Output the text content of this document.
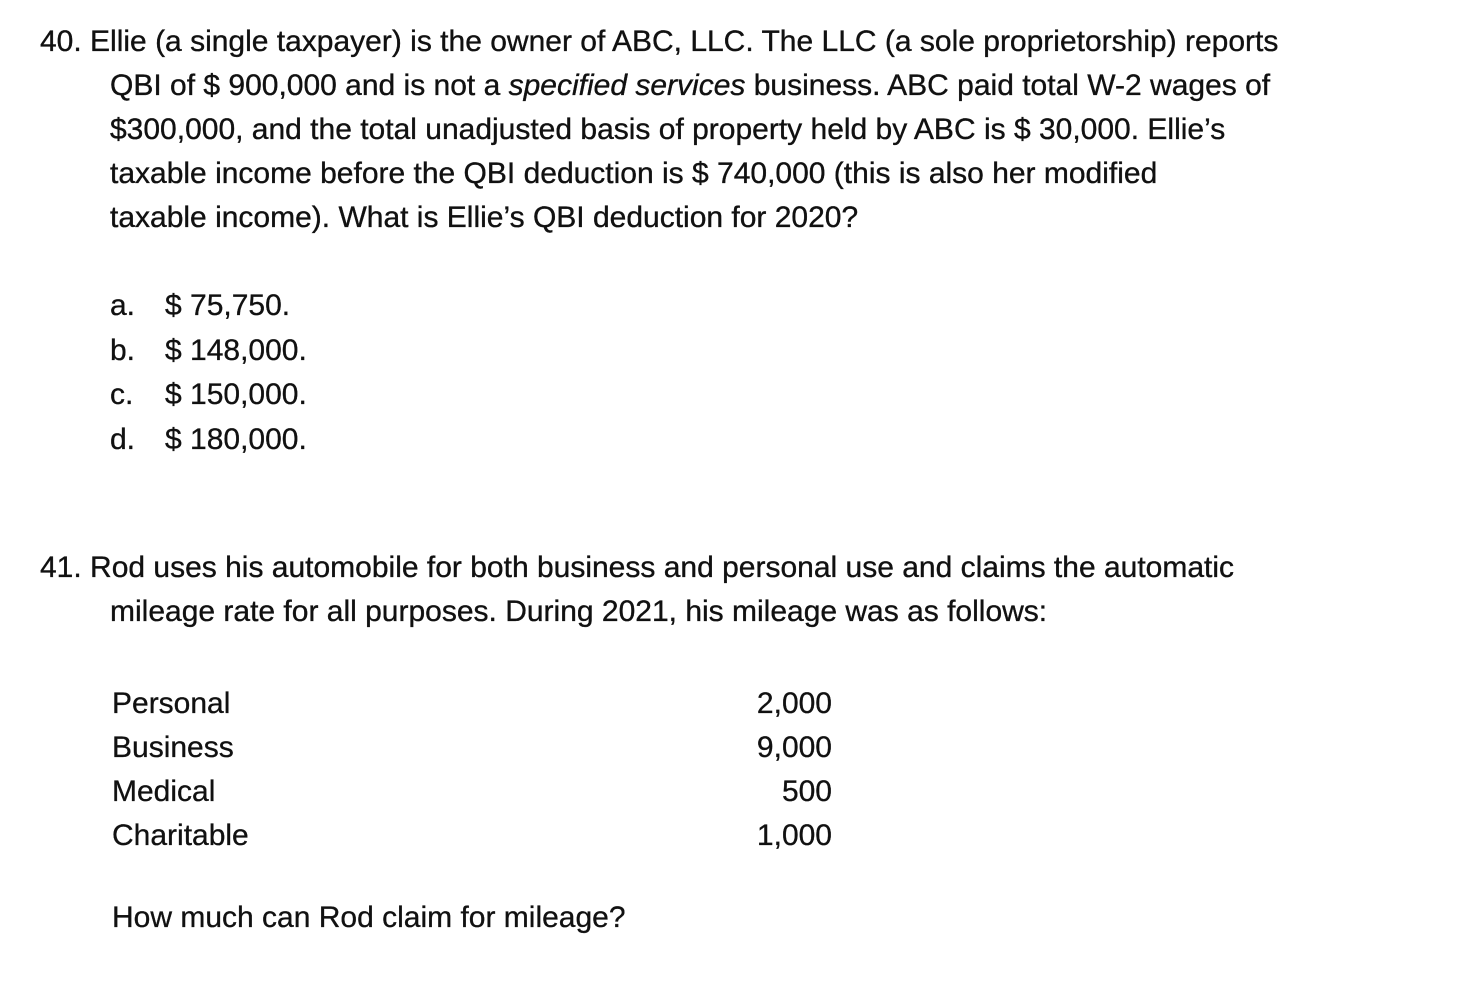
40. Ellie (a single taxpayer) is the owner of ABC, LLC. The LLC (a sole proprietorship) reports
QBI of $ 900,000 and is not a specified services business. ABC paid total W-2 wages of
$300,000, and the total unadjusted basis of property held by ABC is $ 30,000. Ellie’s
taxable income before the QBI deduction is $ 740,000 (this is also her modified
taxable income). What is Ellie’s QBI deduction for 2020?
a. $ 75,750.
b. $ 148,000.
c.	$ 150,000.
d. $ 180,000.
41. Rod uses his automobile for both business and personal use and claims the automatic
mileage rate for all purposes. During 2021, his mileage was as follows:
Personal	2,000
Business	9,000
Medical	500
Charitable	1,000
How much can Rod claim for mileage?
